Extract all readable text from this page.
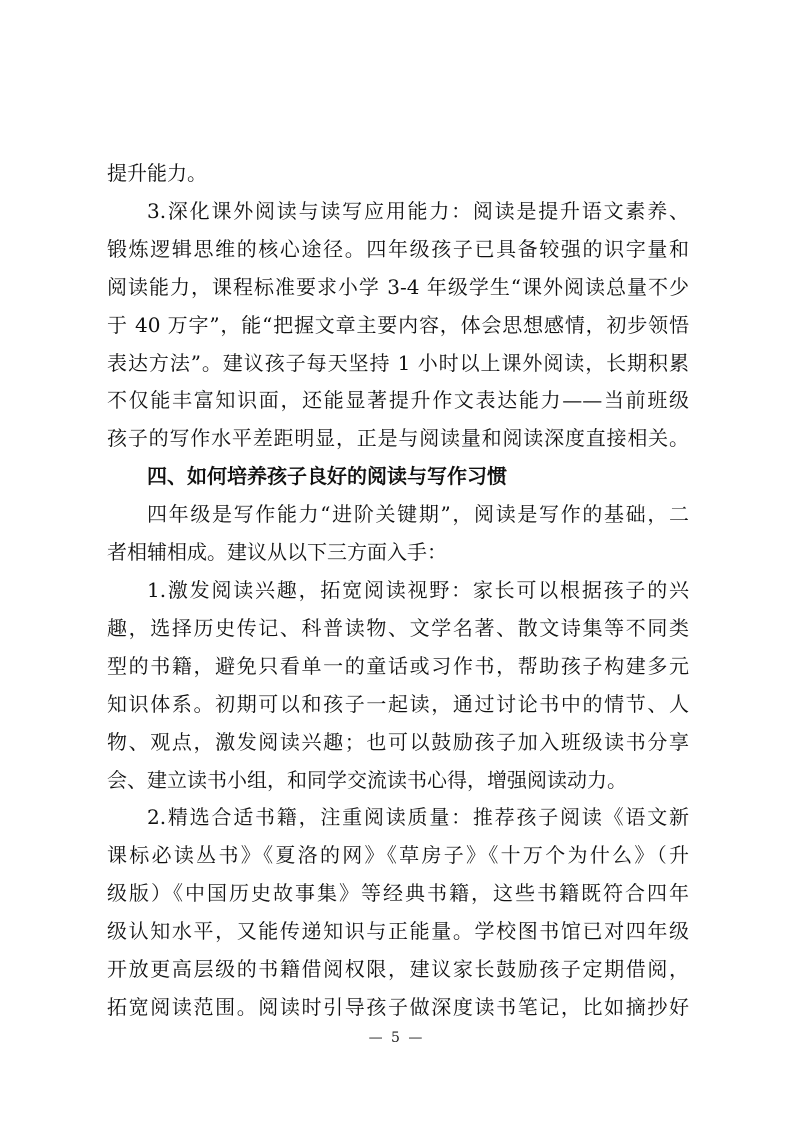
提升能力。
3.深化课外阅读与读写应用能力：阅读是提升语文素养、
锻炼逻辑思维的核心途径。四年级孩子已具备较强的识字量和
阅读能力，课程标准要求小学 3-4 年级学生“课外阅读总量不少
于 40 万字”，能“把握文章主要内容，体会思想感情，初步领悟
表达方法”。建议孩子每天坚持 1 小时以上课外阅读，长期积累
不仅能丰富知识面，还能显著提升作文表达能力——当前班级
孩子的写作水平差距明显，正是与阅读量和阅读深度直接相关。
四、如何培养孩子良好的阅读与写作习惯
四年级是写作能力“进阶关键期”，阅读是写作的基础，二
者相辅相成。建议从以下三方面入手：
1.激发阅读兴趣，拓宽阅读视野：家长可以根据孩子的兴
趣，选择历史传记、科普读物、文学名著、散文诗集等不同类
型的书籍，避免只看单一的童话或习作书，帮助孩子构建多元
知识体系。初期可以和孩子一起读，通过讨论书中的情节、人
物、观点，激发阅读兴趣；也可以鼓励孩子加入班级读书分享
会、建立读书小组，和同学交流读书心得，增强阅读动力。
2.精选合适书籍，注重阅读质量：推荐孩子阅读《语文新
课标必读丛书》《夏洛的网》《草房子》《十万个为什么》（升
级版）《中国历史故事集》等经典书籍，这些书籍既符合四年
级认知水平，又能传递知识与正能量。学校图书馆已对四年级
开放更高层级的书籍借阅权限，建议家长鼓励孩子定期借阅，
拓宽阅读范围。阅读时引导孩子做深度读书笔记，比如摘抄好
— 5 —
